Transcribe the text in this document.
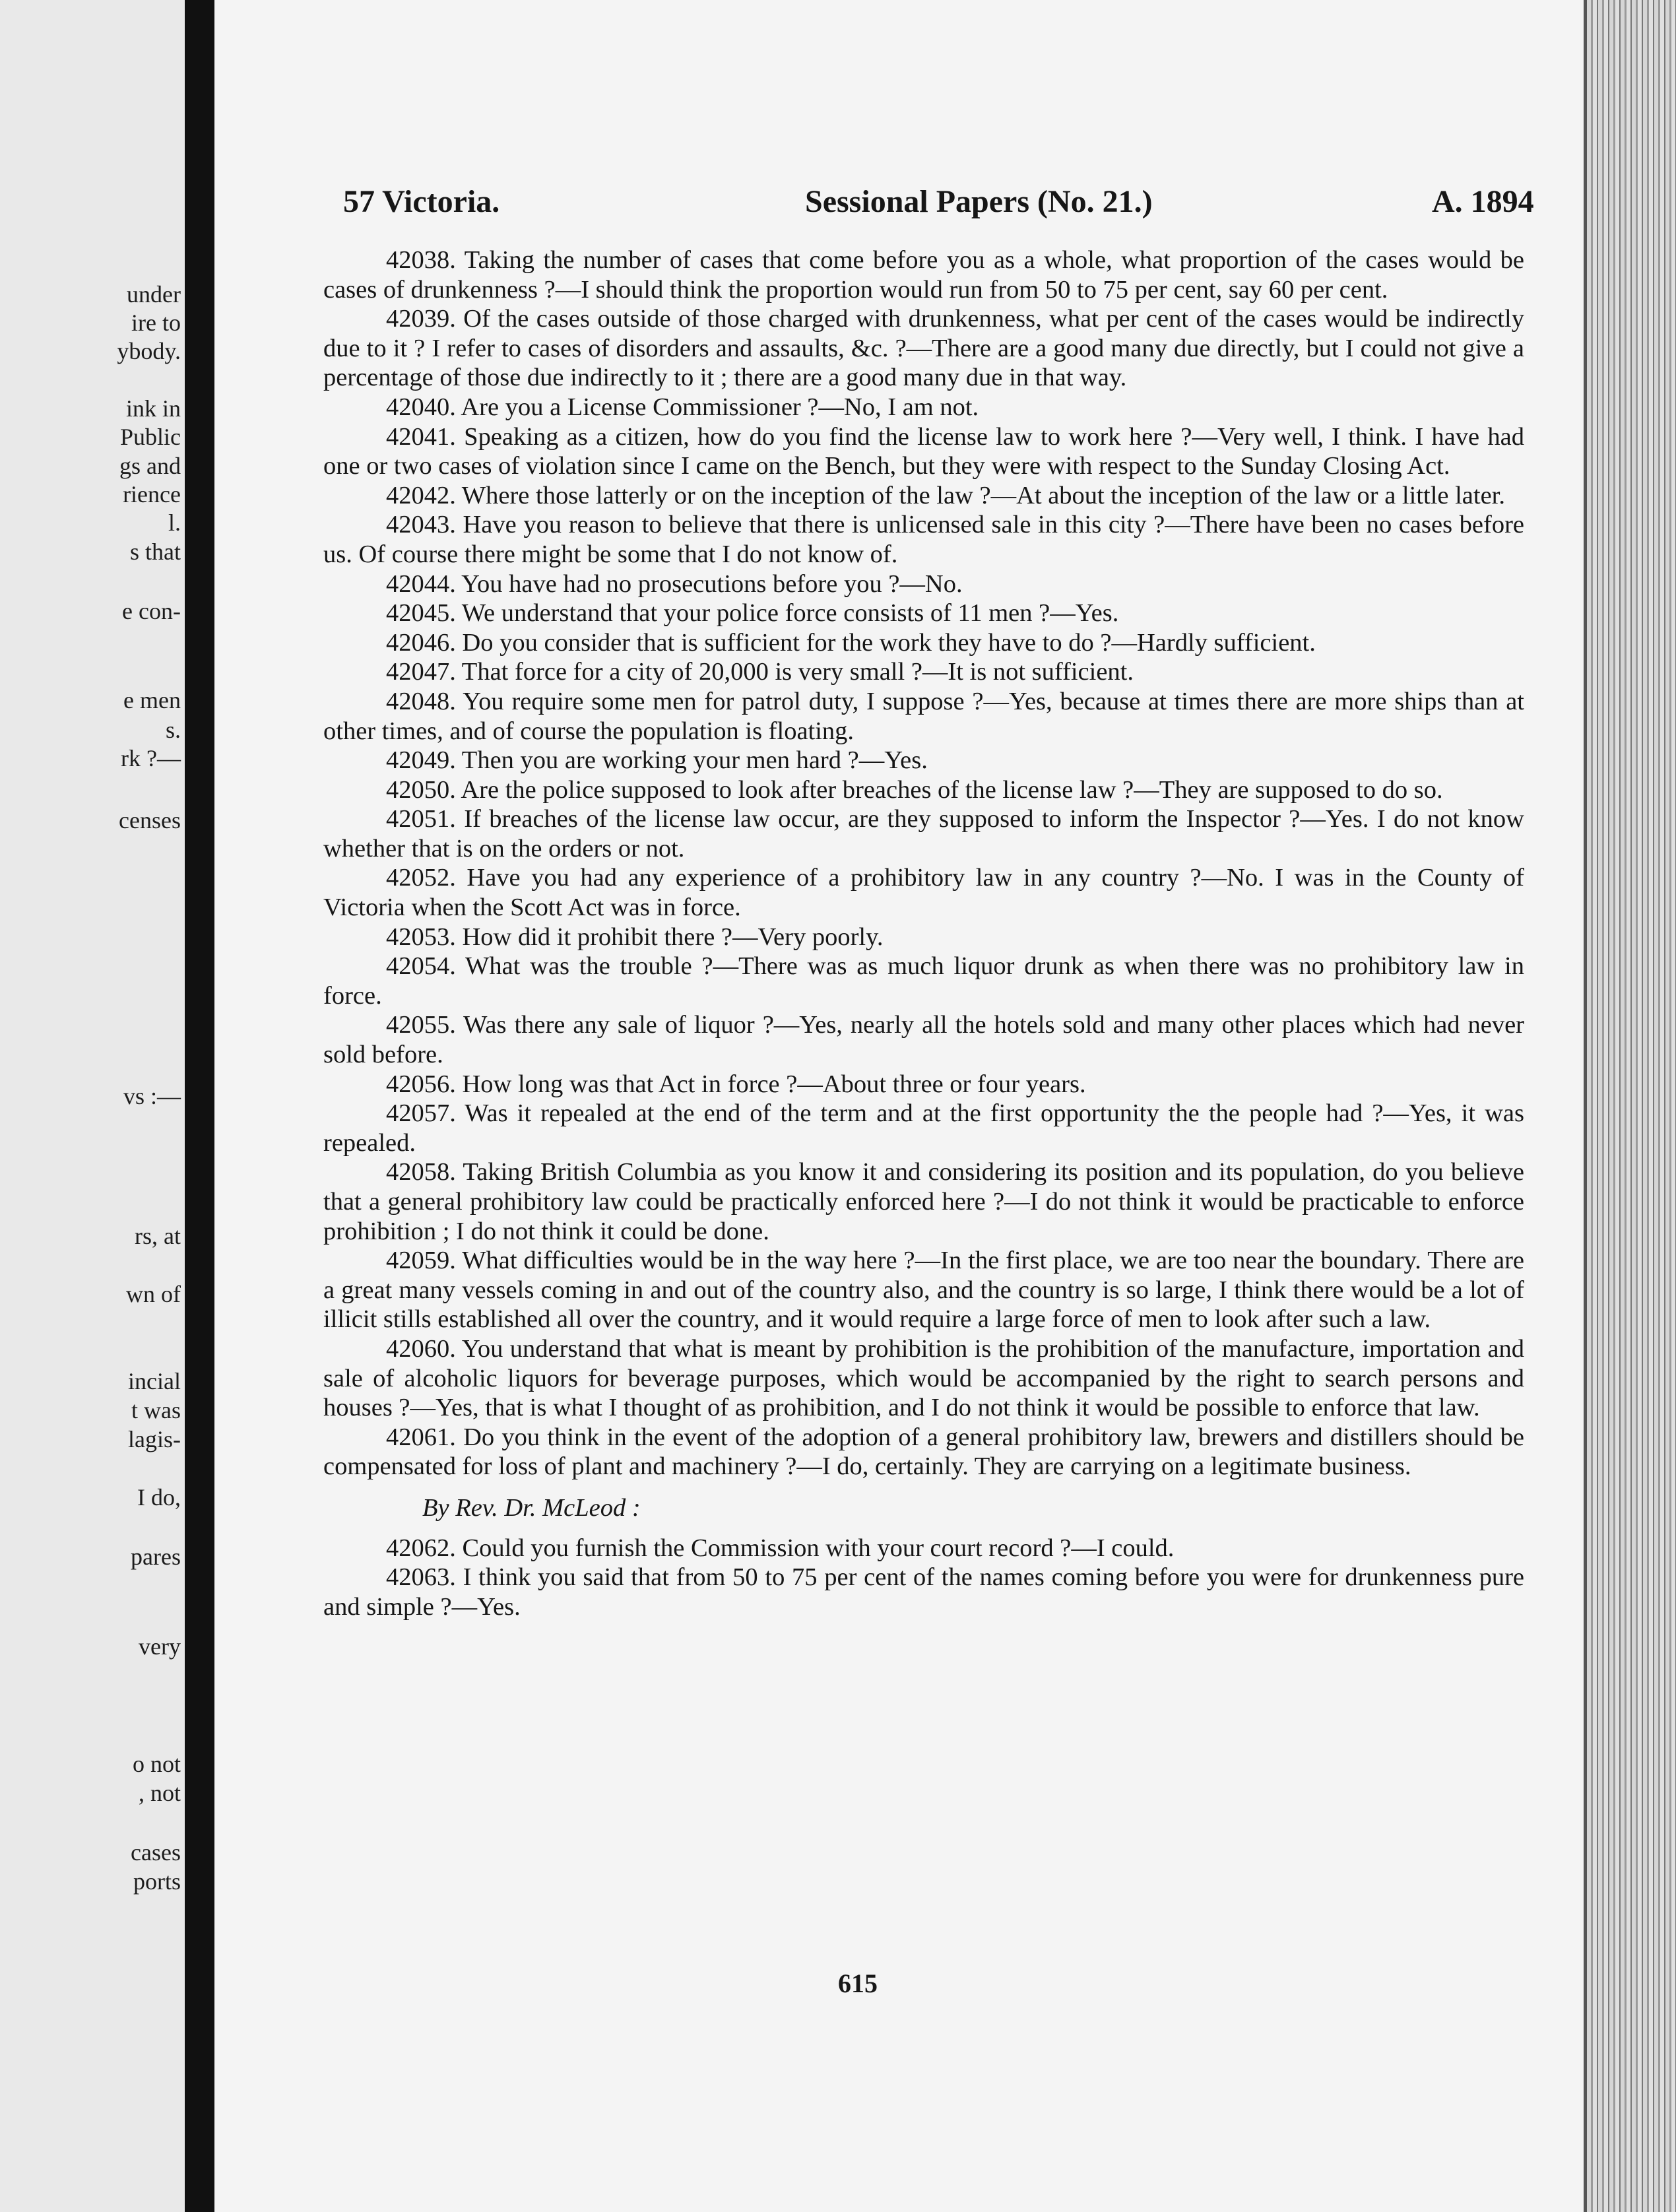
under
ire to
ybody.
ink in
Public
gs and
rience
l.
s that
e con-
e men
s.
rk ?—
censes
vs :—
rs, at
wn of
incial
t was
lagis-
I do,
pares
very
o not
, not
cases
ports
57 Victoria.	Sessional Papers (No. 21.)	A. 1894

42038. Taking the number of cases that come before you as a whole, what proportion of the cases would be cases of drunkenness ?—I should think the proportion would run from 50 to 75 per cent, say 60 per cent.

42039. Of the cases outside of those charged with drunkenness, what per cent of the cases would be indirectly due to it ? I refer to cases of disorders and assaults, &c. ?—There are a good many due directly, but I could not give a percentage of those due indirectly to it ; there are a good many due in that way.

42040. Are you a License Commissioner ?—No, I am not.

42041. Speaking as a citizen, how do you find the license law to work here ?—Very well, I think. I have had one or two cases of violation since I came on the Bench, but they were with respect to the Sunday Closing Act.

42042. Where those latterly or on the inception of the law ?—At about the inception of the law or a little later.

42043. Have you reason to believe that there is unlicensed sale in this city ?—There have been no cases before us. Of course there might be some that I do not know of.

42044. You have had no prosecutions before you ?—No.

42045. We understand that your police force consists of 11 men ?—Yes.

42046. Do you consider that is sufficient for the work they have to do ?—Hardly sufficient.

42047. That force for a city of 20,000 is very small ?—It is not sufficient.

42048. You require some men for patrol duty, I suppose ?—Yes, because at times there are more ships than at other times, and of course the population is floating.

42049. Then you are working your men hard ?—Yes.

42050. Are the police supposed to look after breaches of the license law ?—They are supposed to do so.

42051. If breaches of the license law occur, are they supposed to inform the Inspector ?—Yes. I do not know whether that is on the orders or not.

42052. Have you had any experience of a prohibitory law in any country ?—No. I was in the County of Victoria when the Scott Act was in force.

42053. How did it prohibit there ?—Very poorly.

42054. What was the trouble ?—There was as much liquor drunk as when there was no prohibitory law in force.

42055. Was there any sale of liquor ?—Yes, nearly all the hotels sold and many other places which had never sold before.

42056. How long was that Act in force ?—About three or four years.

42057. Was it repealed at the end of the term and at the first opportunity the the people had ?—Yes, it was repealed.

42058. Taking British Columbia as you know it and considering its position and its population, do you believe that a general prohibitory law could be practically enforced here ?—I do not think it would be practicable to enforce prohibition ; I do not think it could be done.

42059. What difficulties would be in the way here ?—In the first place, we are too near the boundary. There are a great many vessels coming in and out of the country also, and the country is so large, I think there would be a lot of illicit stills established all over the country, and it would require a large force of men to look after such a law.

42060. You understand that what is meant by prohibition is the prohibition of the manufacture, importation and sale of alcoholic liquors for beverage purposes, which would be accompanied by the right to search persons and houses ?—Yes, that is what I thought of as prohibition, and I do not think it would be possible to enforce that law.

42061. Do you think in the event of the adoption of a general prohibitory law, brewers and distillers should be compensated for loss of plant and machinery ?—I do, certainly. They are carrying on a legitimate business.

By Rev. Dr. McLeod :

42062. Could you furnish the Commission with your court record ?—I could.

42063. I think you said that from 50 to 75 per cent of the names coming before you were for drunkenness pure and simple ?—Yes.

615
